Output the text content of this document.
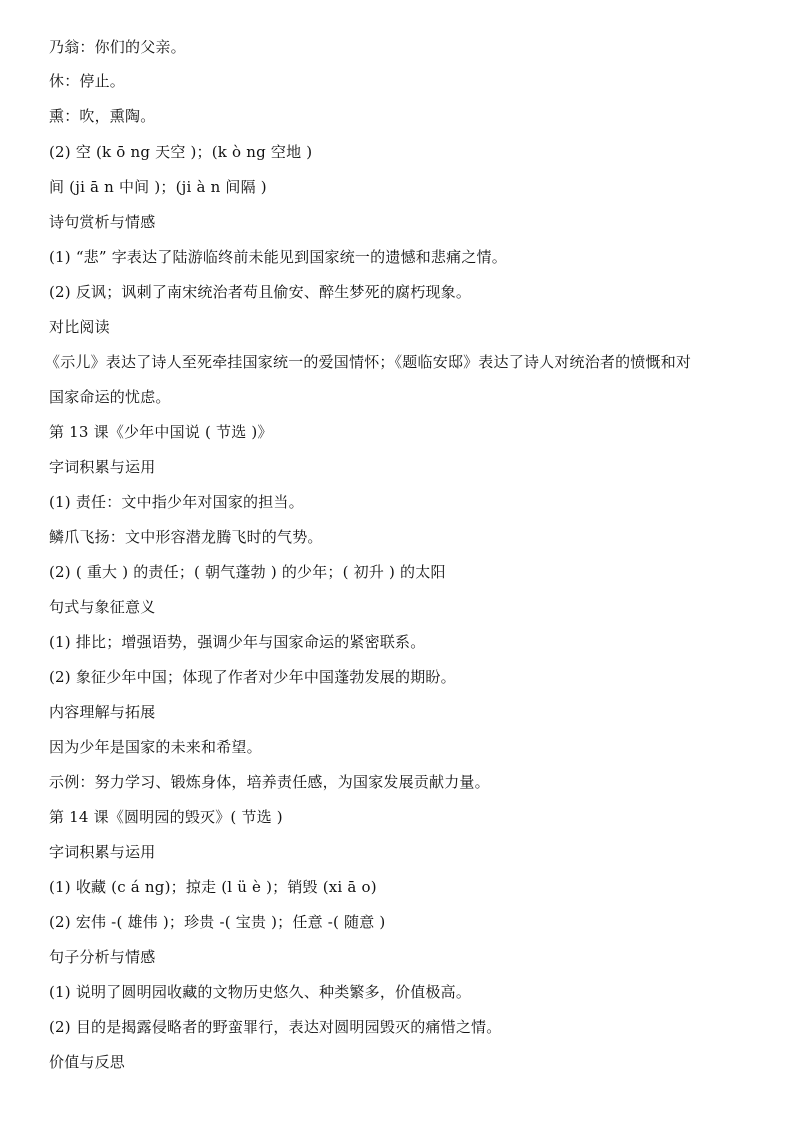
乃翁：你们的父亲。
休：停止。
熏：吹，熏陶。
(2) 空 (k ō ng 天空 )；(k ò ng 空地 )
间 (ji ā n 中间 )；(ji à n 间隔 )
诗句赏析与情感
(1) “悲” 字表达了陆游临终前未能见到国家统一的遗憾和悲痛之情。
(2) 反讽；讽刺了南宋统治者苟且偷安、醉生梦死的腐朽现象。
对比阅读
《示儿》表达了诗人至死牵挂国家统一的爱国情怀；《题临安邸》表达了诗人对统治者的愤慨和对
国家命运的忧虑。
第 13 课《少年中国说 ( 节选 )》
字词积累与运用
(1) 责任：文中指少年对国家的担当。
鳞爪飞扬：文中形容潜龙腾飞时的气势。
(2) ( 重大 ) 的责任；( 朝气蓬勃 ) 的少年；( 初升 ) 的太阳
句式与象征意义
(1) 排比；增强语势，强调少年与国家命运的紧密联系。
(2) 象征少年中国；体现了作者对少年中国蓬勃发展的期盼。
内容理解与拓展
因为少年是国家的未来和希望。
示例：努力学习、锻炼身体，培养责任感，为国家发展贡献力量。
第 14 课《圆明园的毁灭》( 节选 )
字词积累与运用
(1) 收藏 (c á ng)；掠走 (l ü è )；销毁 (xi ā o)
(2) 宏伟 -( 雄伟 )；珍贵 -( 宝贵 )；任意 -( 随意 )
句子分析与情感
(1) 说明了圆明园收藏的文物历史悠久、种类繁多，价值极高。
(2) 目的是揭露侵略者的野蛮罪行，表达对圆明园毁灭的痛惜之情。
价值与反思
